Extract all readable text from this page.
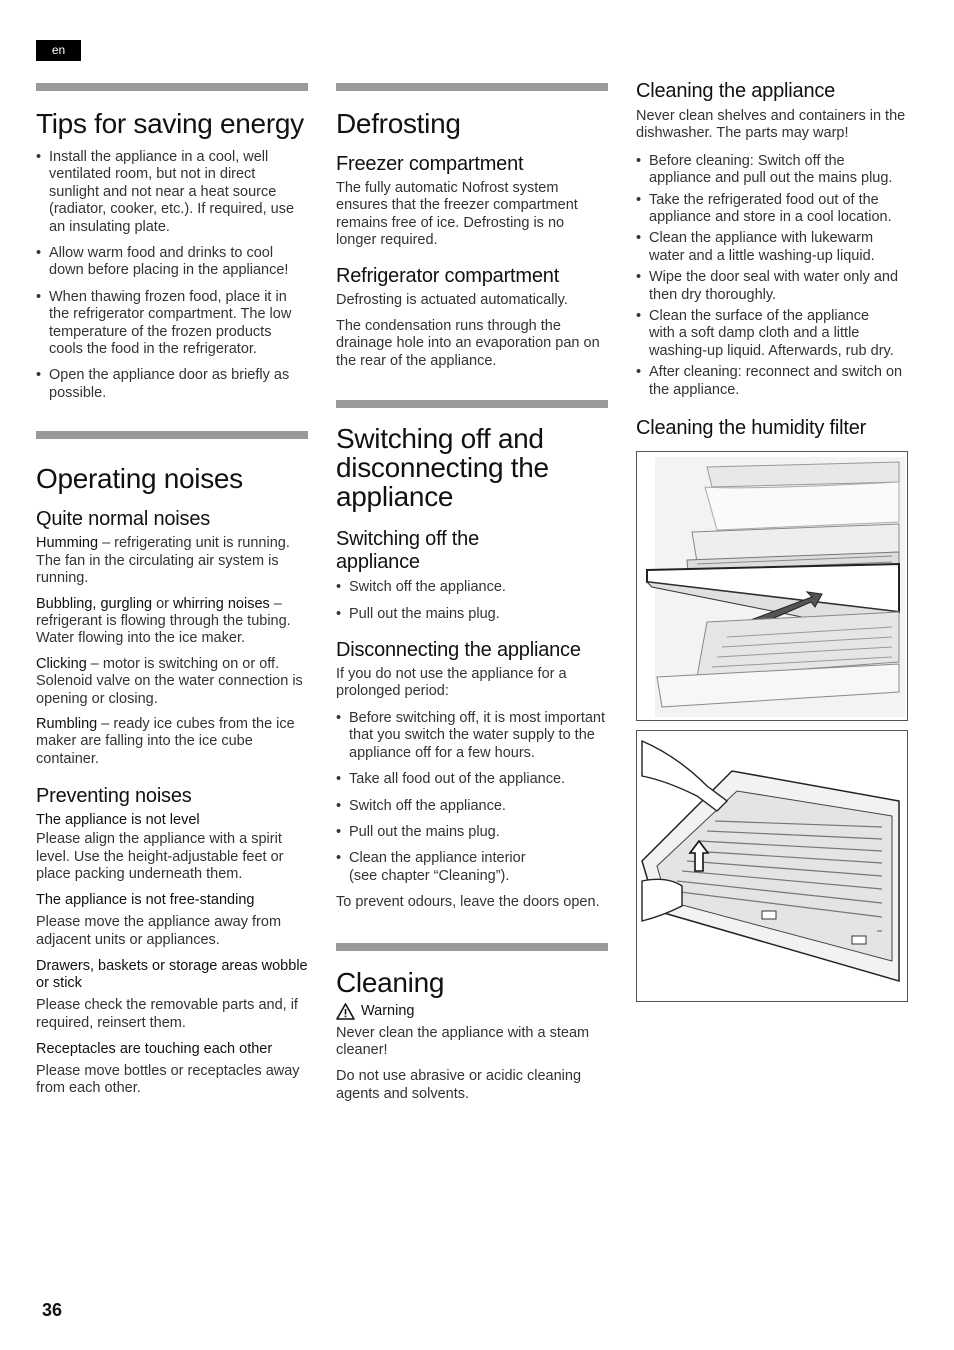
en
Tips for saving energy
• Install the appliance in a cool, well ventilated room, but not in direct sunlight and not near a heat source (radiator, cooker, etc.). If required, use an insulating plate.
• Allow warm food and drinks to cool down before placing in the appliance!
• When thawing frozen food, place it in the refrigerator compartment. The low temperature of the frozen products cools the food in the refrigerator.
• Open the appliance door as briefly as possible.
Operating noises
Quite normal noises

Humming – refrigerating unit is running. The fan in the circulating air system is running.

Bubbling, gurgling or whirring noises – refrigerant is flowing through the tubing. Water flowing into the ice maker.

Clicking – motor is switching on or off. Solenoid valve on the water connection is opening or closing.

Rumbling – ready ice cubes from the ice maker are falling into the ice cube container.

Preventing noises
The appliance is not level

Please align the appliance with a spirit level. Use the height-adjustable feet or place packing underneath them.

The appliance is not free-standing

Please move the appliance away from adjacent units or appliances.

Drawers, baskets or storage areas wobble or stick

Please check the removable parts and, if required, reinsert them.

Receptacles are touching each other

Please move bottles or receptacles away from each other.

Defrosting
Freezer compartment

The fully automatic Nofrost system ensures that the freezer compartment remains free of ice. Defrosting is no longer required.

Refrigerator compartment

Defrosting is actuated automatically.

The condensation runs through the drainage hole into an evaporation pan on the rear of the appliance.

Switching off and disconnecting the appliance
Switching off the appliance
• Switch off the appliance.
• Pull out the mains plug.
Disconnecting the appliance

If you do not use the appliance for a prolonged period:

• Before switching off, it is most important that you switch the water supply to the appliance off for a few hours.
• Take all food out of the appliance.
• Switch off the appliance.
• Pull out the mains plug.
• Clean the appliance interior (see chapter “Cleaning”).

To prevent odours, leave the doors open.

Cleaning
Warning

Never clean the appliance with a steam cleaner!

Do not use abrasive or acidic cleaning agents and solvents.

Cleaning the appliance

Never clean shelves and containers in the dishwasher. The parts may warp!

• Before cleaning: Switch off the appliance and pull out the mains plug.
• Take the refrigerated food out of the appliance and store in a cool location.
• Clean the appliance with lukewarm water and a little washing-up liquid.
• Wipe the door seal with water only and then dry thoroughly.
• Clean the surface of the appliance with a soft damp cloth and a little washing-up liquid. Afterwards, rub dry.
• After cleaning: reconnect and switch on the appliance.
Cleaning the humidity filter
36
